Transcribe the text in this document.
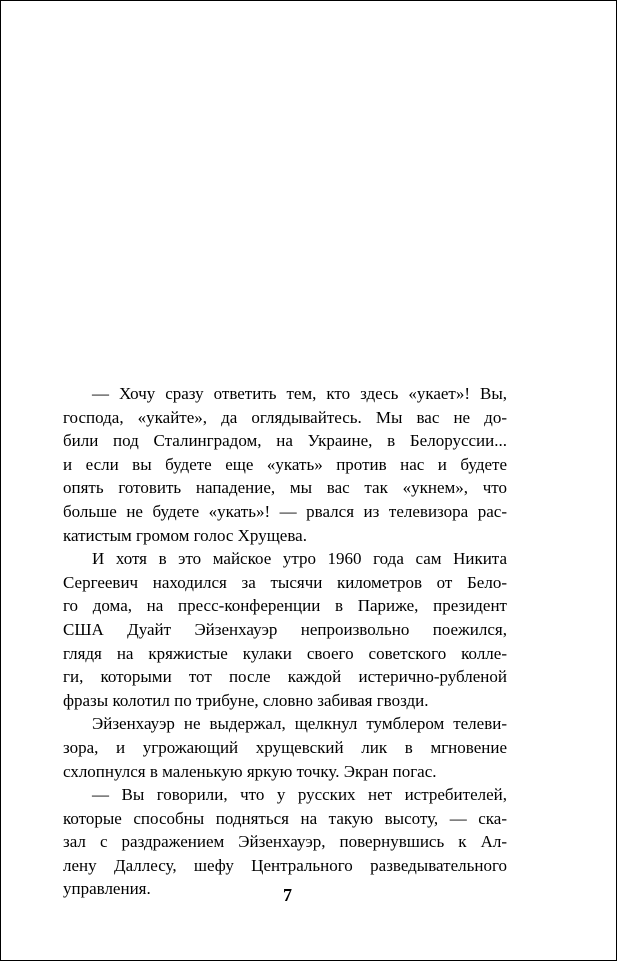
— Хочу сразу ответить тем, кто здесь «укает»! Вы,
господа, «укайте», да оглядывайтесь. Мы вас не до-
били под Сталинградом, на Украине, в Белоруссии...
и если вы будете еще «укать» против нас и будете
опять готовить нападение, мы вас так «укнем», что
больше не будете «укать»! — рвался из телевизора рас-
катистым громом голос Хрущева.
И хотя в это майское утро 1960 года сам Никита
Сергеевич находился за тысячи километров от Бело-
го дома, на пресс-конференции в Париже, президент
США Дуайт Эйзенхауэр непроизвольно поежился,
глядя на кряжистые кулаки своего советского колле-
ги, которыми тот после каждой истерично-рубленой
фразы колотил по трибуне, словно забивая гвозди.
Эйзенхауэр не выдержал, щелкнул тумблером телеви-
зора, и угрожающий хрущевский лик в мгновение
схлопнулся в маленькую яркую точку. Экран погас.
— Вы говорили, что у русских нет истребителей,
которые способны подняться на такую высоту, — ска-
зал с раздражением Эйзенхауэр, повернувшись к Ал-
лену Даллесу, шефу Центрального разведывательного
управления.	7
